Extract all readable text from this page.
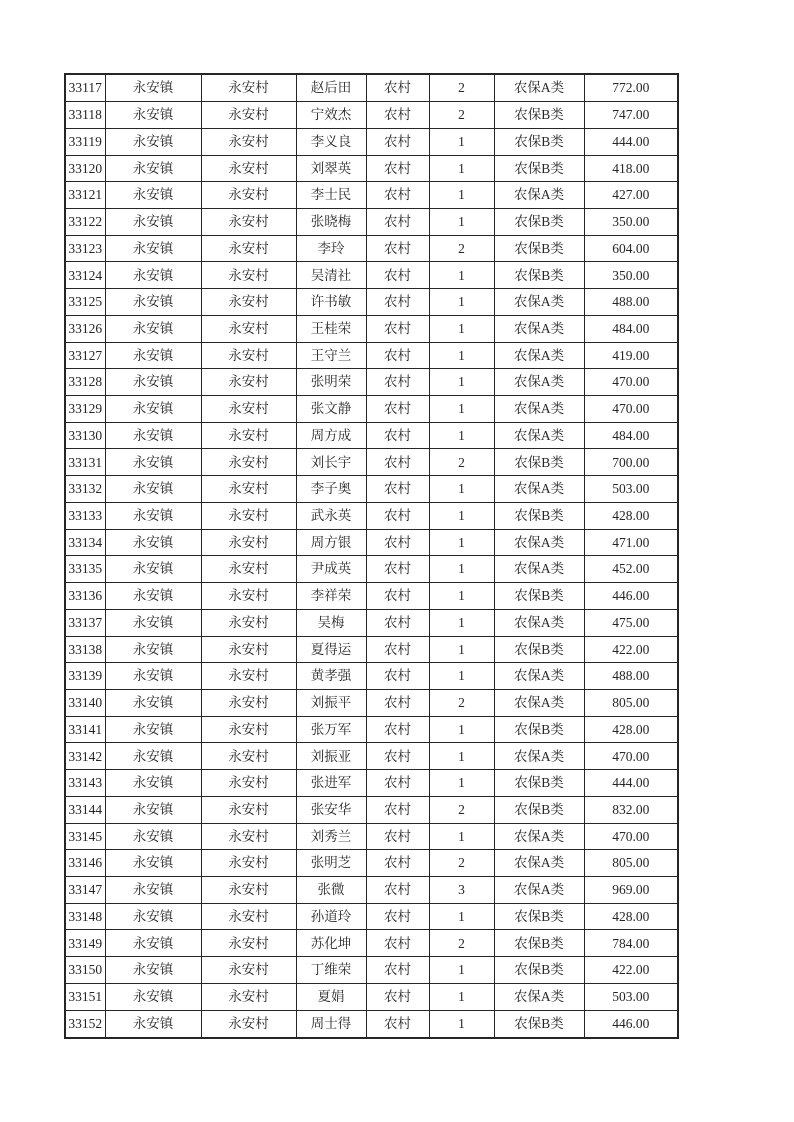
33117	永安镇	永安村	赵后田	农村	2	农保A类	772.00
33118	永安镇	永安村	宁效杰	农村	2	农保B类	747.00
33119	永安镇	永安村	李义良	农村	1	农保B类	444.00
33120	永安镇	永安村	刘翠英	农村	1	农保B类	418.00
33121	永安镇	永安村	李士民	农村	1	农保A类	427.00
33122	永安镇	永安村	张晓梅	农村	1	农保B类	350.00
33123	永安镇	永安村	李玲	农村	2	农保B类	604.00
33124	永安镇	永安村	吴清社	农村	1	农保B类	350.00
33125	永安镇	永安村	许书敏	农村	1	农保A类	488.00
33126	永安镇	永安村	王桂荣	农村	1	农保A类	484.00
33127	永安镇	永安村	王守兰	农村	1	农保A类	419.00
33128	永安镇	永安村	张明荣	农村	1	农保A类	470.00
33129	永安镇	永安村	张文静	农村	1	农保A类	470.00
33130	永安镇	永安村	周方成	农村	1	农保A类	484.00
33131	永安镇	永安村	刘长宇	农村	2	农保B类	700.00
33132	永安镇	永安村	李子奥	农村	1	农保A类	503.00
33133	永安镇	永安村	武永英	农村	1	农保B类	428.00
33134	永安镇	永安村	周方银	农村	1	农保A类	471.00
33135	永安镇	永安村	尹成英	农村	1	农保A类	452.00
33136	永安镇	永安村	李祥荣	农村	1	农保B类	446.00
33137	永安镇	永安村	吴梅	农村	1	农保A类	475.00
33138	永安镇	永安村	夏得运	农村	1	农保B类	422.00
33139	永安镇	永安村	黄孝强	农村	1	农保A类	488.00
33140	永安镇	永安村	刘振平	农村	2	农保A类	805.00
33141	永安镇	永安村	张万军	农村	1	农保B类	428.00
33142	永安镇	永安村	刘振亚	农村	1	农保A类	470.00
33143	永安镇	永安村	张进军	农村	1	农保B类	444.00
33144	永安镇	永安村	张安华	农村	2	农保B类	832.00
33145	永安镇	永安村	刘秀兰	农村	1	农保A类	470.00
33146	永安镇	永安村	张明芝	农村	2	农保A类	805.00
33147	永安镇	永安村	张微	农村	3	农保A类	969.00
33148	永安镇	永安村	孙道玲	农村	1	农保B类	428.00
33149	永安镇	永安村	苏化坤	农村	2	农保B类	784.00
33150	永安镇	永安村	丁维荣	农村	1	农保B类	422.00
33151	永安镇	永安村	夏娟	农村	1	农保A类	503.00
33152	永安镇	永安村	周士得	农村	1	农保B类	446.00
